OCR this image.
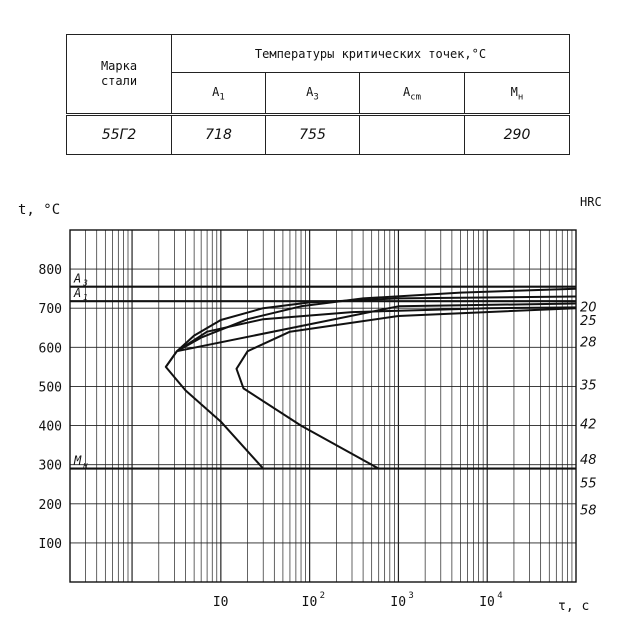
Марка
стали	Температуры критических точек,°С			
	$A_1$	$A_3$	$A_{cm}$	$M_н$
55Г2	718	755		290
A 3
A 1
M н
800
700
600
500
400
300
200
I00
I0	I0 2	I0 3	I0 4
20
25
28
35
42
48
55
58
t, °С	HRC
τ, с
